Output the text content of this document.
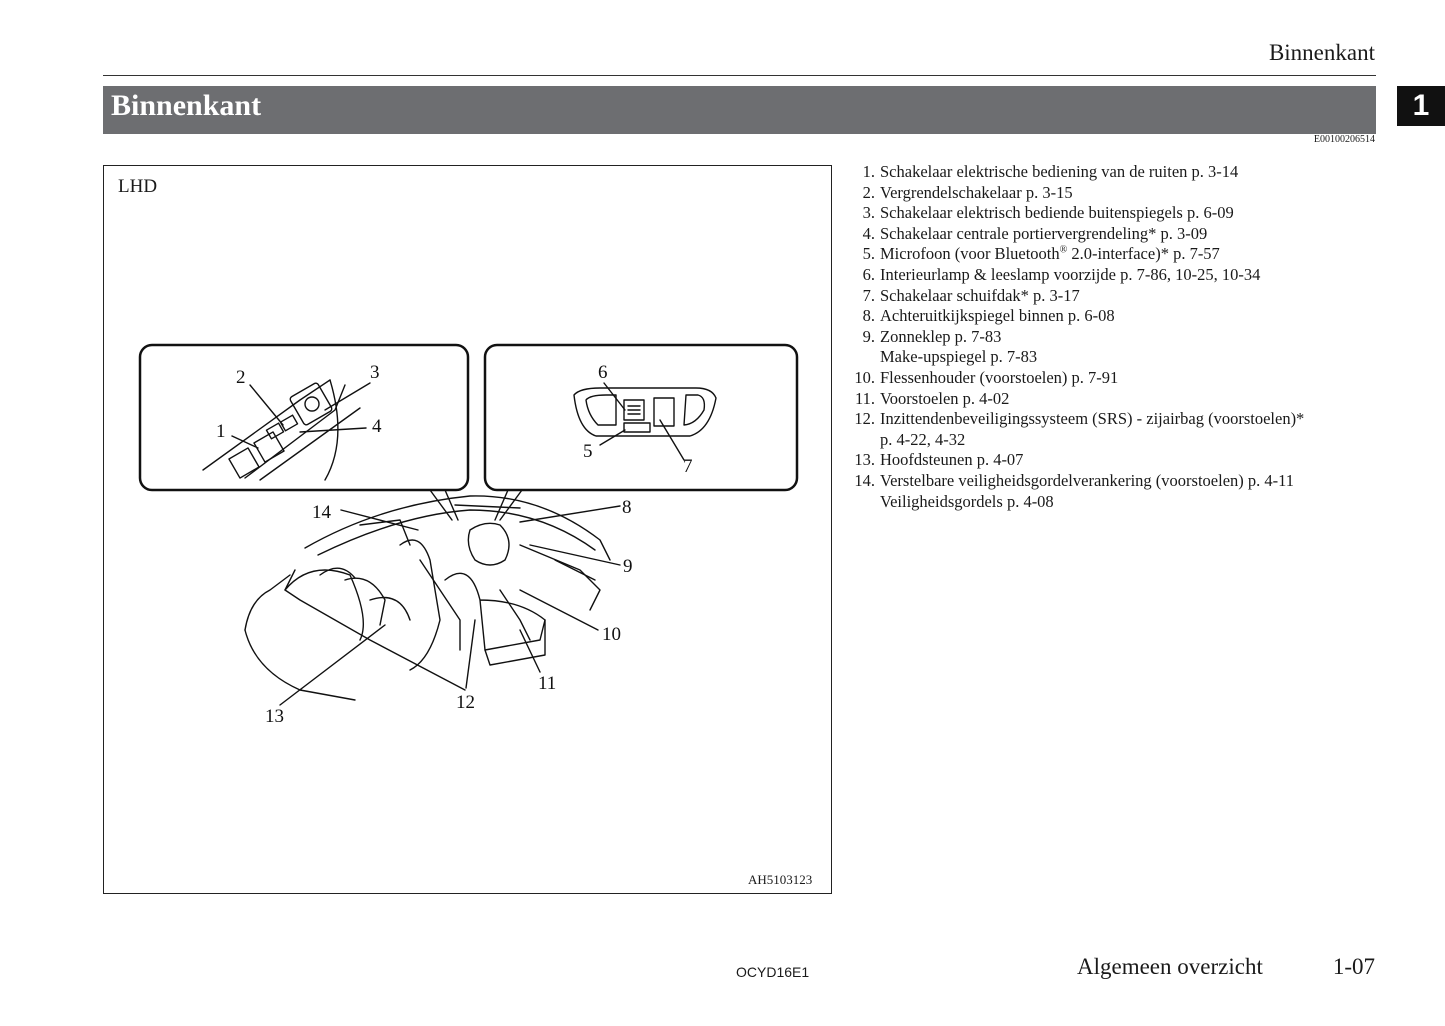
Binnenkant
Binnenkant	1
E00100206514
LHD
AH5103123
2	3
1	4
6
5
7
8
14
9
10
11
12
13
1. Schakelaar elektrische bediening van de ruiten p. 3-14
2. Vergrendelschakelaar p. 3-15
3. Schakelaar elektrisch bediende buitenspiegels p. 6-09
4. Schakelaar centrale portiervergrendeling* p. 3-09
5. Microfoon (voor Bluetooth® 2.0-interface)* p. 7-57
6. Interieurlamp & leeslamp voorzijde p. 7-86, 10-25, 10-34
7. Schakelaar schuifdak* p. 3-17
8. Achteruitkijkspiegel binnen p. 6-08
9. Zonneklep p. 7-83
Make-upspiegel p. 7-83
10. Flessenhouder (voorstoelen) p. 7-91
11. Voorstoelen p. 4-02
12. Inzittendenbeveiligingssysteem (SRS) - zijairbag (voorstoelen)*
p. 4-22, 4-32
13. Hoofdsteunen p. 4-07
14. Verstelbare veiligheidsgordelverankering (voorstoelen) p. 4-11
Veiligheidsgordels p. 4-08
OCYD16E1	Algemeen overzicht	1-07
